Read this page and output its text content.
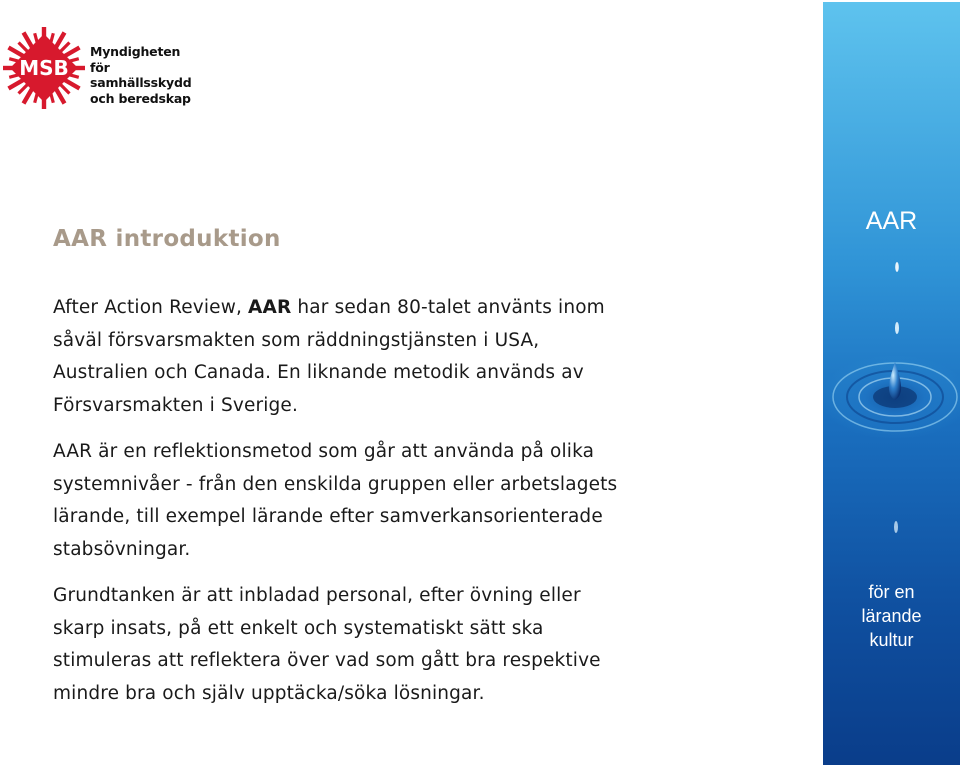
MSB
Myndigheten för
samhällsskydd
och beredskap
AAR introduktion

After Action Review, AAR har sedan 80-talet använts inom
såväl försvarsmakten som räddningstjänsten i USA,
Australien och Canada. En liknande metodik används av
Försvarsmakten i Sverige.

AAR är en reflektionsmetod som går att använda på olika
systemnivåer - från den enskilda gruppen eller arbetslagets
lärande, till exempel lärande efter samverkansorienterade
stabsövningar.

Grundtanken är att inbladad personal, efter övning eller
skarp insats, på ett enkelt och systematiskt sätt ska
stimuleras att reflektera över vad som gått bra respektive
mindre bra och själv upptäcka/söka lösningar.

AAR
för en
lärande
kultur
